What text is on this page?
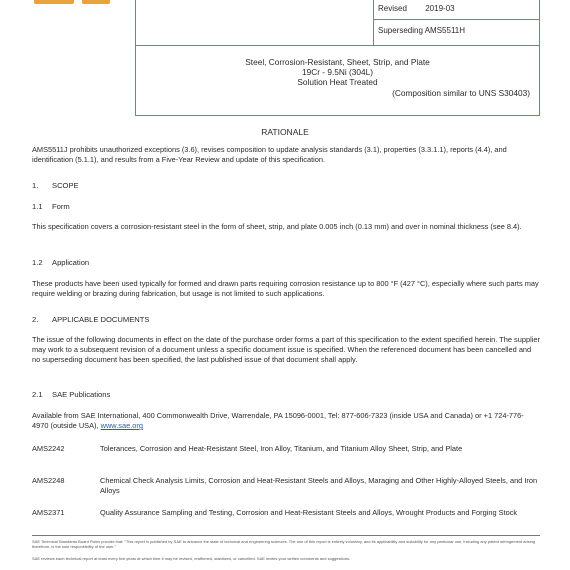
Revised 2019-03
Superseding AMS5511H
Steel, Corrosion-Resistant, Sheet, Strip, and Plate
19Cr - 9.5Ni (304L)
Solution Heat Treated
(Composition similar to UNS S30403)
RATIONALE

AMS5511J prohibits unauthorized exceptions (3.6), revises composition to update analysis standards (3.1), properties (3.3.1.1), reports (4.4), and identification (5.1.1), and results from a Five-Year Review and update of this specification.

1. SCOPE
1.1 Form

This specification covers a corrosion-resistant steel in the form of sheet, strip, and plate 0.005 inch (0.13 mm) and over in nominal thickness (see 8.4).

1.2 Application

These products have been used typically for formed and drawn parts requiring corrosion resistance up to 800 °F (427 °C), especially where such parts may require welding or brazing during fabrication, but usage is not limited to such applications.

2. APPLICABLE DOCUMENTS

The issue of the following documents in effect on the date of the purchase order forms a part of this specification to the extent specified herein. The supplier may work to a subsequent revision of a document unless a specific document issue is specified. When the referenced document has been cancelled and no superseding document has been specified, the last published issue of that document shall apply.

2.1 SAE Publications

Available from SAE International, 400 Commonwealth Drive, Warrendale, PA 15096-0001, Tel: 877-606-7323 (inside USA and Canada) or +1 724-776-4970 (outside USA), www.sae.org

AMS2242	Tolerances, Corrosion and Heat-Resistant Steel, Iron Alloy, Titanium, and Titanium Alloy Sheet, Strip, and Plate

AMS2248	Chemical Check Analysis Limits, Corrosion and Heat-Resistant Steels and Alloys, Maraging and Other Highly-Alloyed Steels, and Iron Alloys

AMS2371	Quality Assurance Sampling and Testing, Corrosion and Heat-Resistant Steels and Alloys, Wrought Products and Forging Stock

SAE Technical Standards Board Rules provide that: "This report is published by SAE to advance the state of technical and engineering sciences. The use of this report is entirely voluntary, and its applicability and suitability for any particular use, including any patent infringement arising therefrom, is the sole responsibility of the user."

SAE reviews each technical report at least every five years at which time it may be revised, reaffirmed, stabilized, or cancelled. SAE invites your written comments and suggestions.
